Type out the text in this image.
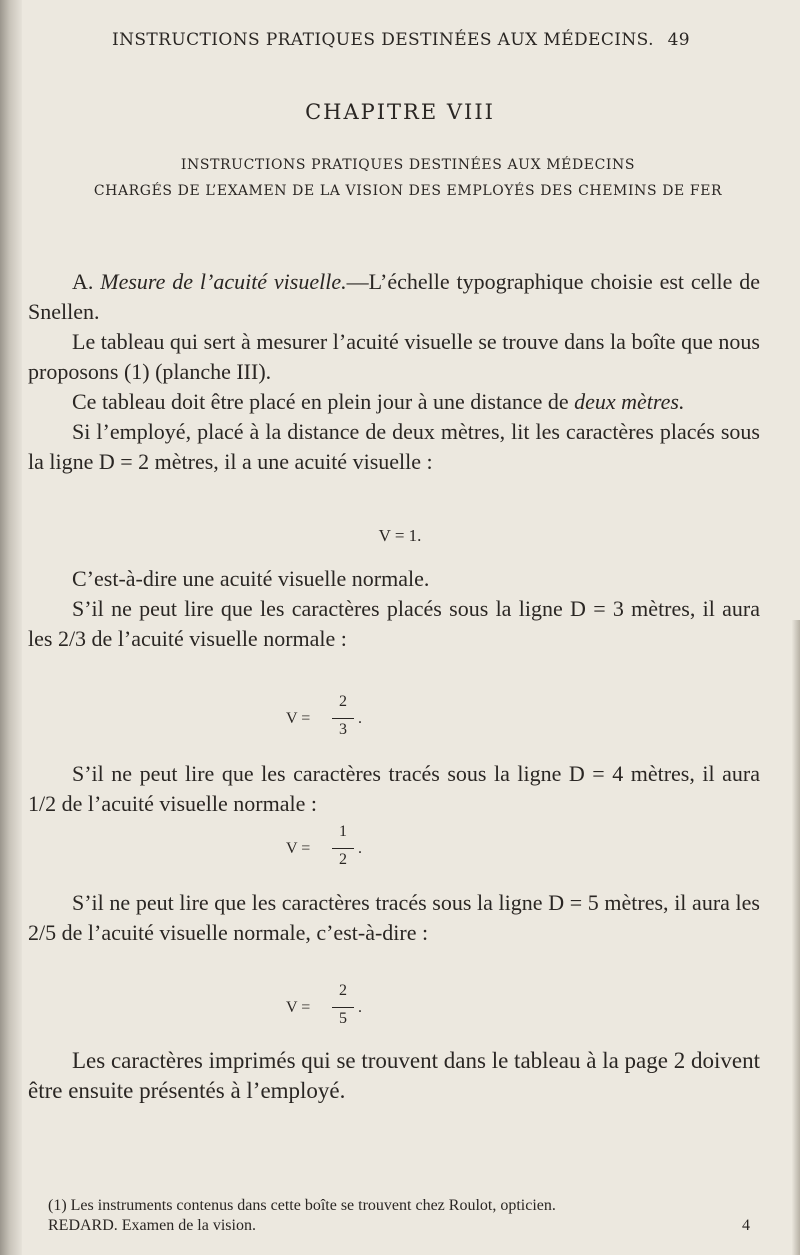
INSTRUCTIONS PRATIQUES DESTINÉES AUX MÉDECINS. 49
CHAPITRE VIII
INSTRUCTIONS PRATIQUES DESTINÉES AUX MÉDECINS
CHARGÉS DE L’EXAMEN DE LA VISION DES EMPLOYÉS DES CHEMINS DE FER

A. Mesure de l’acuité visuelle.—L’échelle typographique choisie est celle de Snellen.

Le tableau qui sert à mesurer l’acuité visuelle se trouve dans la boîte que nous proposons (1) (planche III).

Ce tableau doit être placé en plein jour à une distance de deux mètres.

Si l’employé, placé à la distance de deux mètres, lit les caractères placés sous la ligne D = 2 mètres, il a une acuité visuelle :

V = 1.

C’est-à-dire une acuité visuelle normale.

S’il ne peut lire que les caractères placés sous la ligne D = 3 mètres, il aura les 2/3 de l’acuité visuelle normale :

V =
2
3
.

S’il ne peut lire que les caractères tracés sous la ligne D = 4 mètres, il aura 1/2 de l’acuité visuelle normale :

V =
1
2
.

S’il ne peut lire que les caractères tracés sous la ligne D = 5 mètres, il aura les 2/5 de l’acuité visuelle normale, c’est-à-dire :

V =
2
5
.

Les caractères imprimés qui se trouvent dans le tableau à la page 2 doivent être ensuite présentés à l’employé.

(1) Les instruments contenus dans cette boîte se trouvent chez Roulot, opticien.
REDARD. Examen de la vision.	4
